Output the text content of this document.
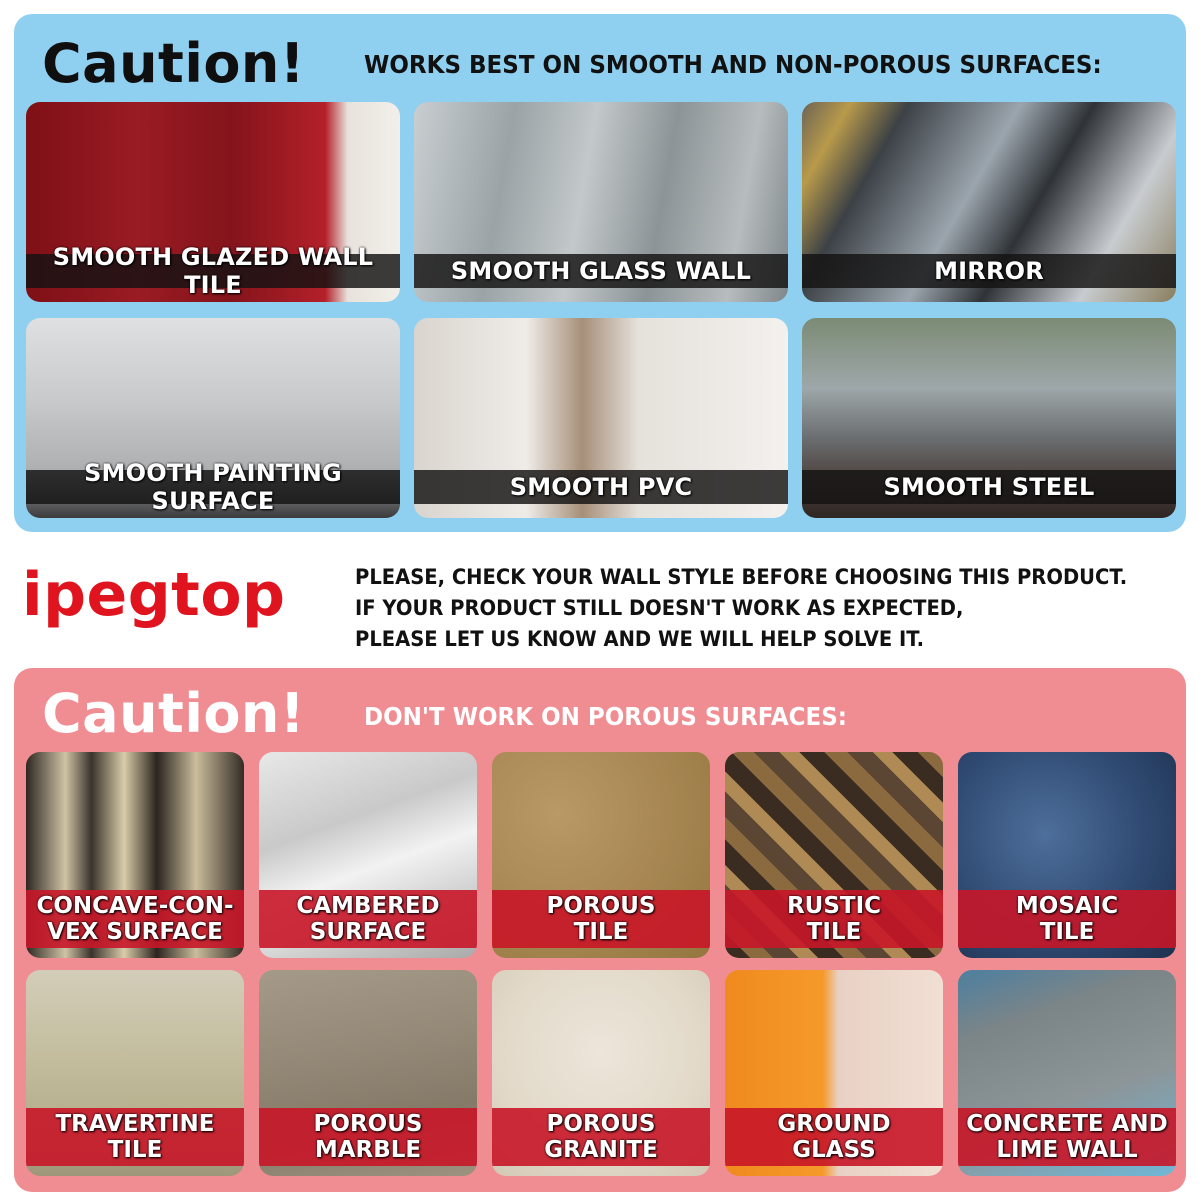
Caution! WORKS BEST ON SMOOTH AND NON-POROUS SURFACES:
SMOOTH GLAZED WALL TILE	SMOOTH GLASS WALL	MIRROR
SMOOTH PAINTING SURFACE	SMOOTH PVC	SMOOTH STEEL
ipegtop	PLEASE, CHECK YOUR WALL STYLE BEFORE CHOOSING THIS PRODUCT.
IF YOUR PRODUCT STILL DOESN'T WORK AS EXPECTED,
PLEASE LET US KNOW AND WE WILL HELP SOLVE IT.
Caution! DON'T WORK ON POROUS SURFACES:
CONCAVE-CON-
VEX SURFACE
CAMBERED
SURFACE
POROUS
TILE
RUSTIC
TILE
MOSAIC
TILE
TRAVERTINE
TILE
POROUS
MARBLE
POROUS
GRANITE
GROUND
GLASS
CONCRETE AND
LIME WALL
